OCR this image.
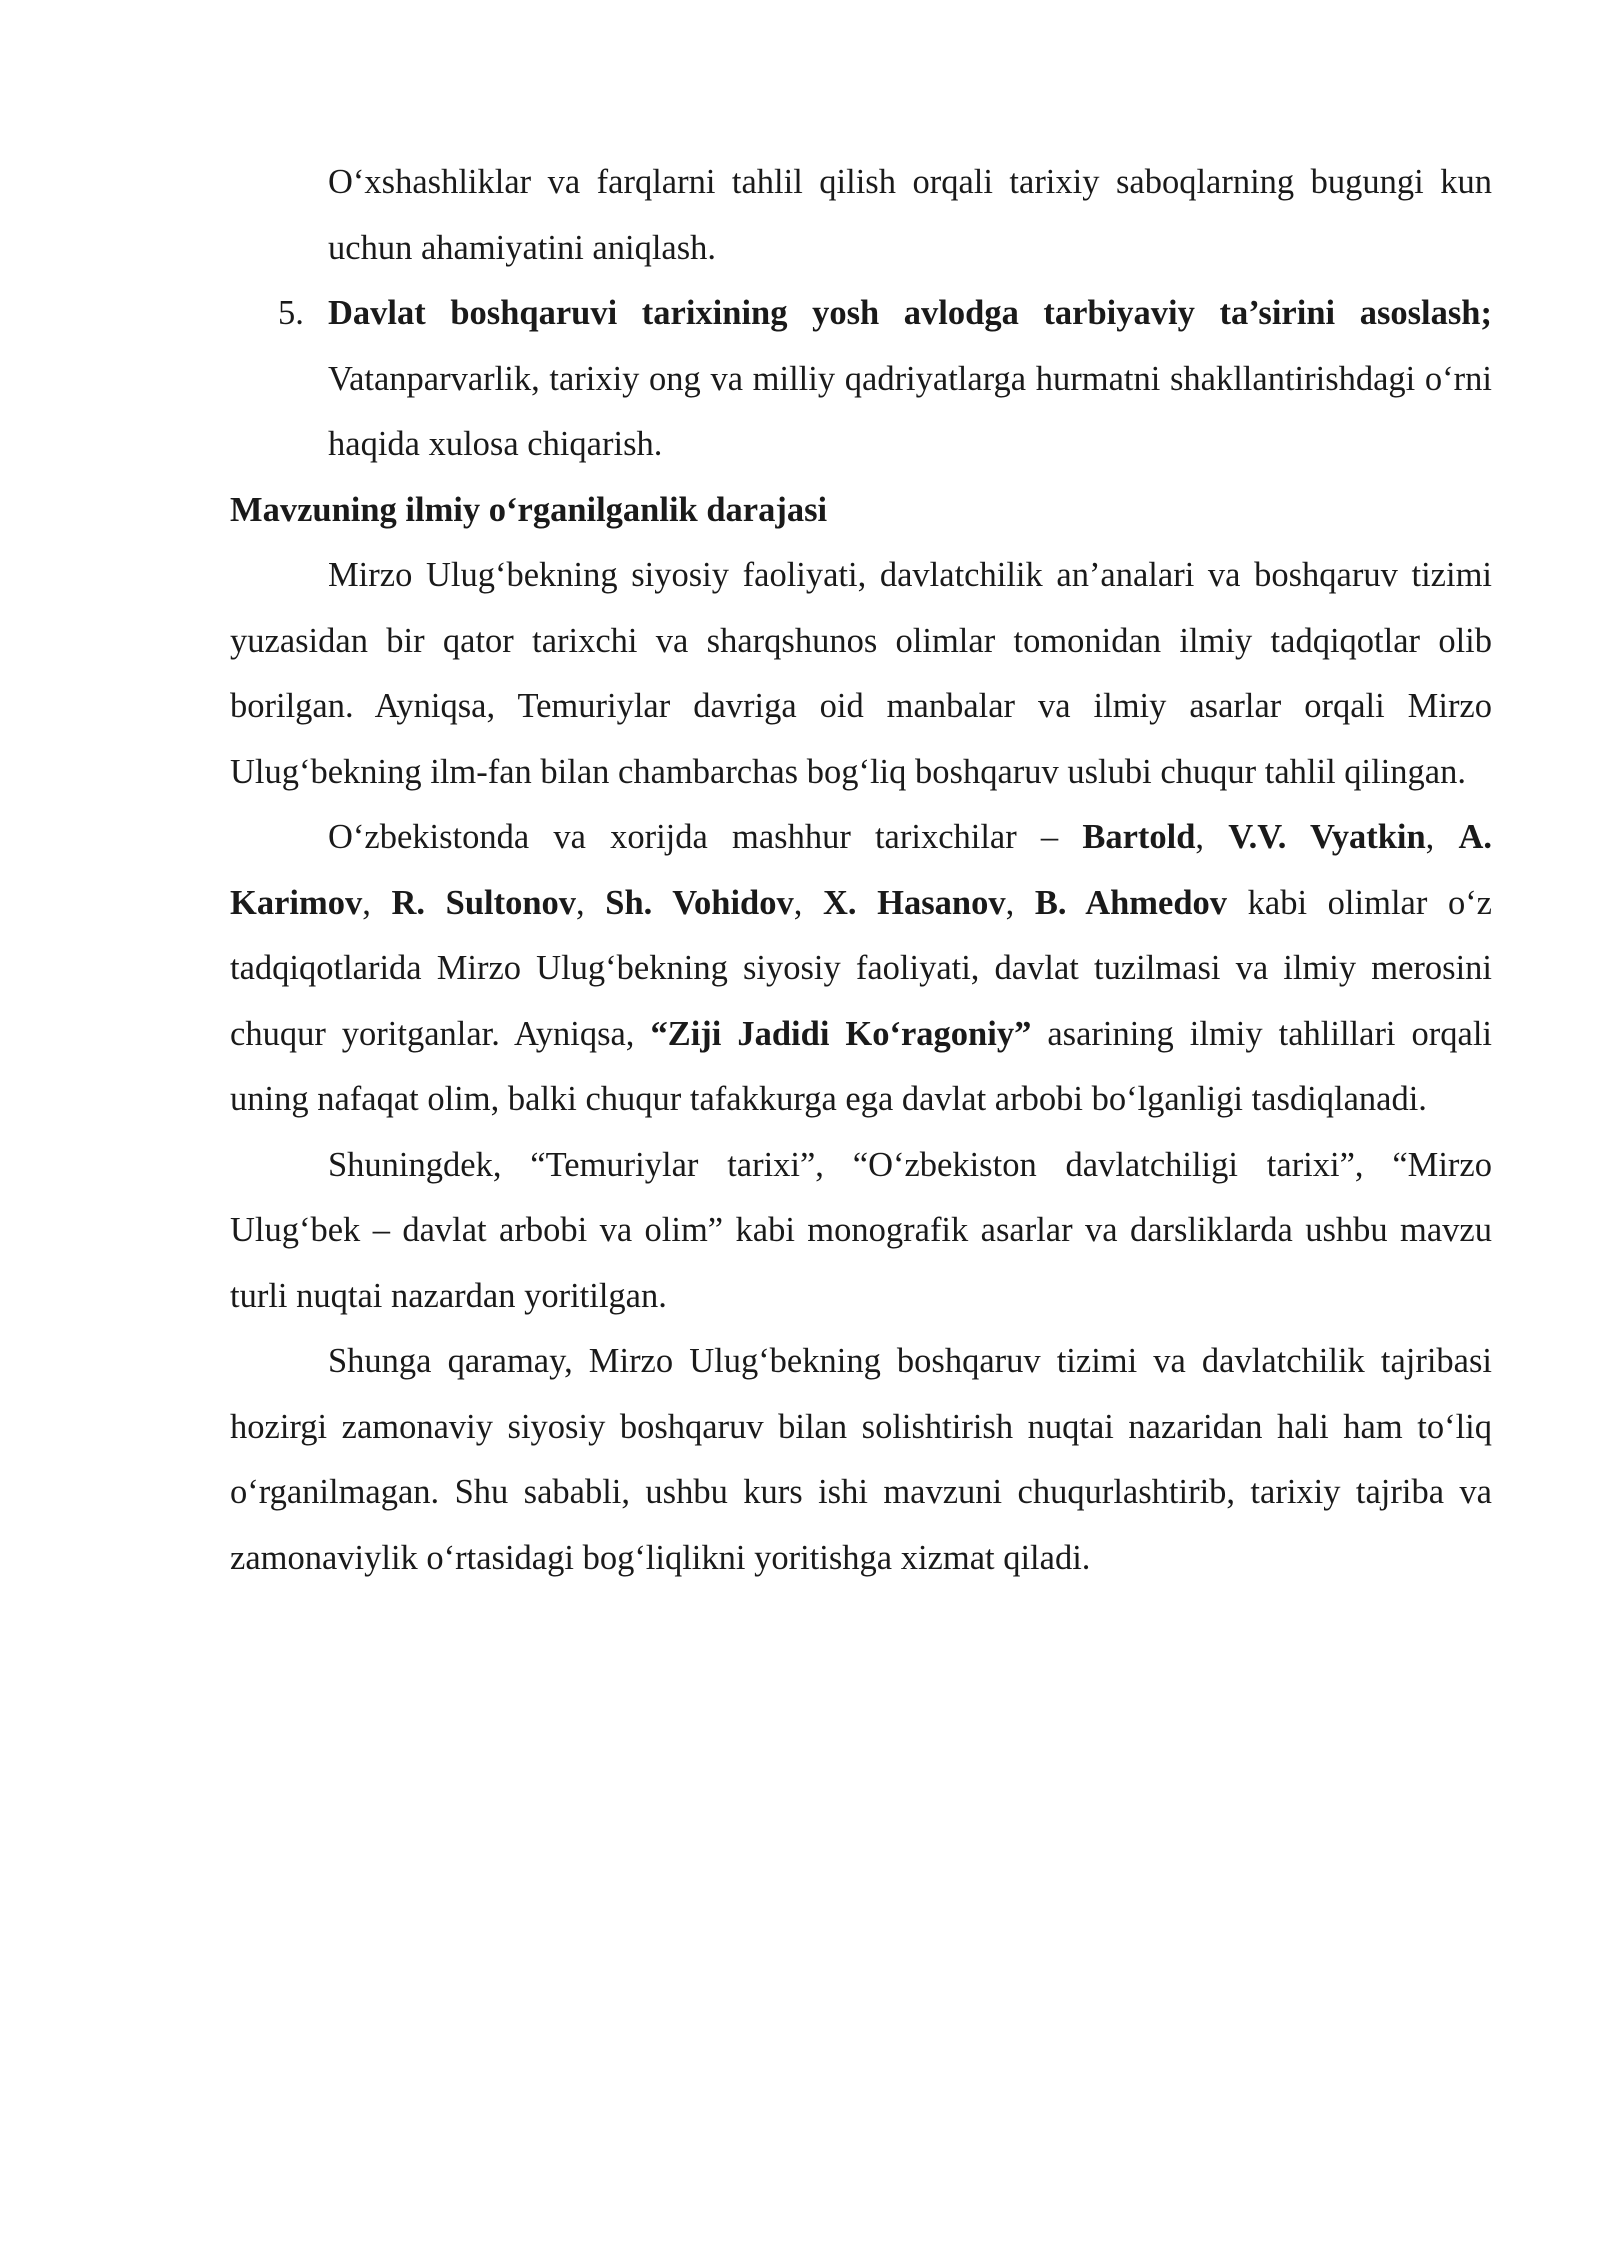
O‘xshashliklar va farqlarni tahlil qilish orqali tarixiy saboqlarning bugungi kun uchun ahamiyatini aniqlash.

5. Davlat boshqaruvi tarixining yosh avlodga tarbiyaviy ta’sirini asoslash; Vatanparvarlik, tarixiy ong va milliy qadriyatlarga hurmatni shakllantirishdagi o‘rni haqida xulosa chiqarish.

Mavzuning ilmiy o‘rganilganlik darajasi

Mirzo Ulug‘bekning siyosiy faoliyati, davlatchilik an’analari va boshqaruv tizimi yuzasidan bir qator tarixchi va sharqshunos olimlar tomonidan ilmiy tadqiqotlar olib borilgan. Ayniqsa, Temuriylar davriga oid manbalar va ilmiy asarlar orqali Mirzo Ulug‘bekning ilm-fan bilan chambarchas bog‘liq boshqaruv uslubi chuqur tahlil qilingan.

O‘zbekistonda va xorijda mashhur tarixchilar – Bartold, V.V. Vyatkin, A. Karimov, R. Sultonov, Sh. Vohidov, X. Hasanov, B. Ahmedov kabi olimlar o‘z tadqiqotlarida Mirzo Ulug‘bekning siyosiy faoliyati, davlat tuzilmasi va ilmiy merosini chuqur yoritganlar. Ayniqsa, “Ziji Jadidi Ko‘ragoniy” asarining ilmiy tahlillari orqali uning nafaqat olim, balki chuqur tafakkurga ega davlat arbobi bo‘lganligi tasdiqlanadi.

Shuningdek, “Temuriylar tarixi”, “O‘zbekiston davlatchiligi tarixi”, “Mirzo Ulug‘bek – davlat arbobi va olim” kabi monografik asarlar va darsliklarda ushbu mavzu turli nuqtai nazardan yoritilgan.

Shunga qaramay, Mirzo Ulug‘bekning boshqaruv tizimi va davlatchilik tajribasi hozirgi zamonaviy siyosiy boshqaruv bilan solishtirish nuqtai nazaridan hali ham to‘liq o‘rganilmagan. Shu sababli, ushbu kurs ishi mavzuni chuqurlashtirib, tarixiy tajriba va zamonaviylik o‘rtasidagi bog‘liqlikni yoritishga xizmat qiladi.
